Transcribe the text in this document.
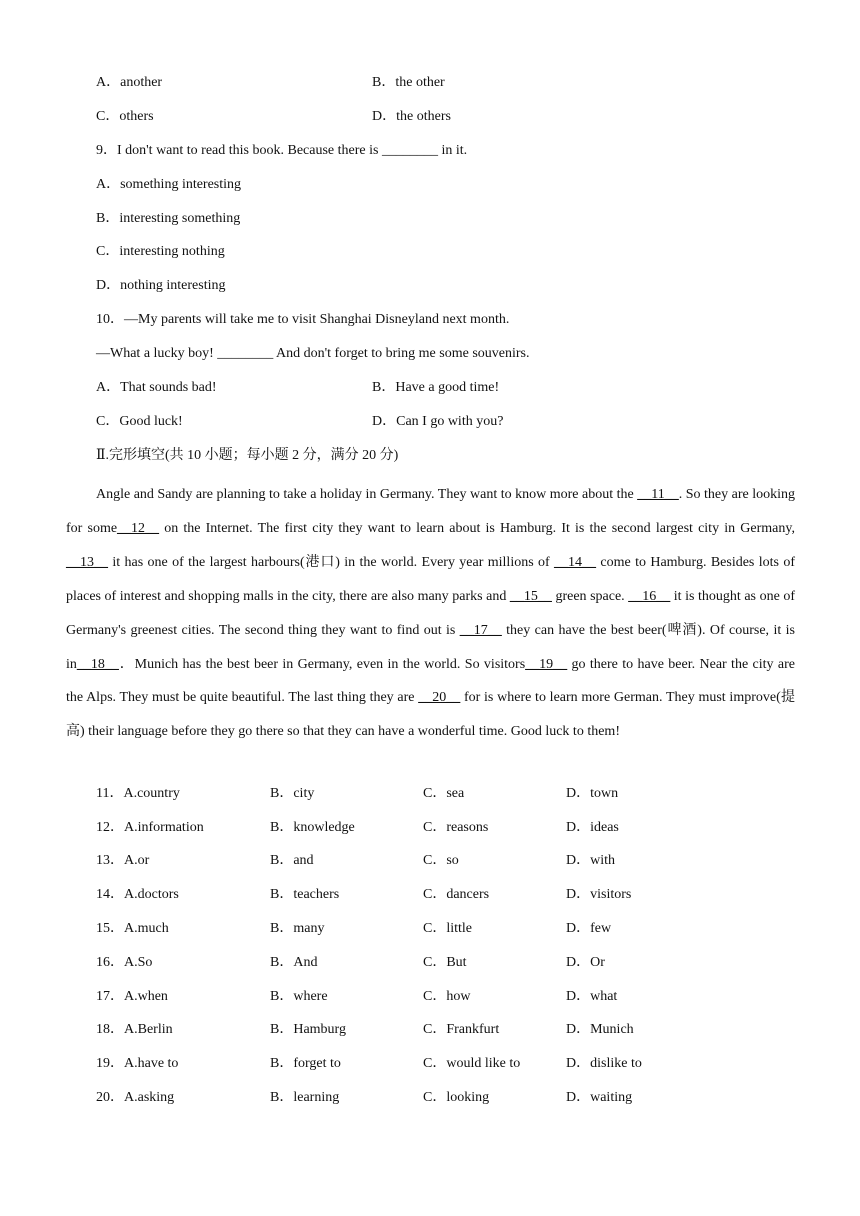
A．another	B．the other
C．others	D．the others
9．I don't want to read this book. Because there is ________ in it.
A．something interesting
B．interesting something
C．interesting nothing
D．nothing interesting
10．—My parents will take me to visit Shanghai Disneyland next month.
—What a lucky boy! ________ And don't forget to bring me some souvenirs.
A．That sounds bad!	B．Have a good time!
C．Good luck!	D．Can I go with you?
Ⅱ.完形填空(共 10 小题；每小题 2 分，满分 20 分)
Angle and Sandy are planning to take a holiday in Germany. They want to know more about the __11__. So they are looking for some__12__ on the Internet. The first city they want to learn about is Hamburg. It is the second largest city in Germany, __13__ it has one of the largest harbours(港口) in the world. Every year millions of __14__ come to Hamburg. Besides lots of places of interest and shopping malls in the city, there are also many parks and __15__ green space. __16__ it is thought as one of Germany's greenest cities. The second thing they want to find out is __17__ they can have the best beer(啤酒). Of course, it is in__18__．Munich has the best beer in Germany, even in the world. So visitors__19__ go there to have beer. Near the city are the Alps. They must be quite beautiful. The last thing they are __20__ for is where to learn more German. They must improve(提高) their language before they go there so that they can have a wonderful time. Good luck to them!
11．A.country	B．city	C．sea	D．town
12．A.information	B．knowledge	C．reasons	D．ideas
13．A.or	B．and	C．so	D．with
14．A.doctors	B．teachers	C．dancers	D．visitors
15．A.much	B．many	C．little	D．few
16．A.So	B．And	C．But	D．Or
17．A.when	B．where	C．how	D．what
18．A.Berlin	B．Hamburg	C．Frankfurt	D．Munich
19．A.have to	B．forget to	C．would like to	D．dislike to
20．A.asking	B．learning	C．looking	D．waiting
